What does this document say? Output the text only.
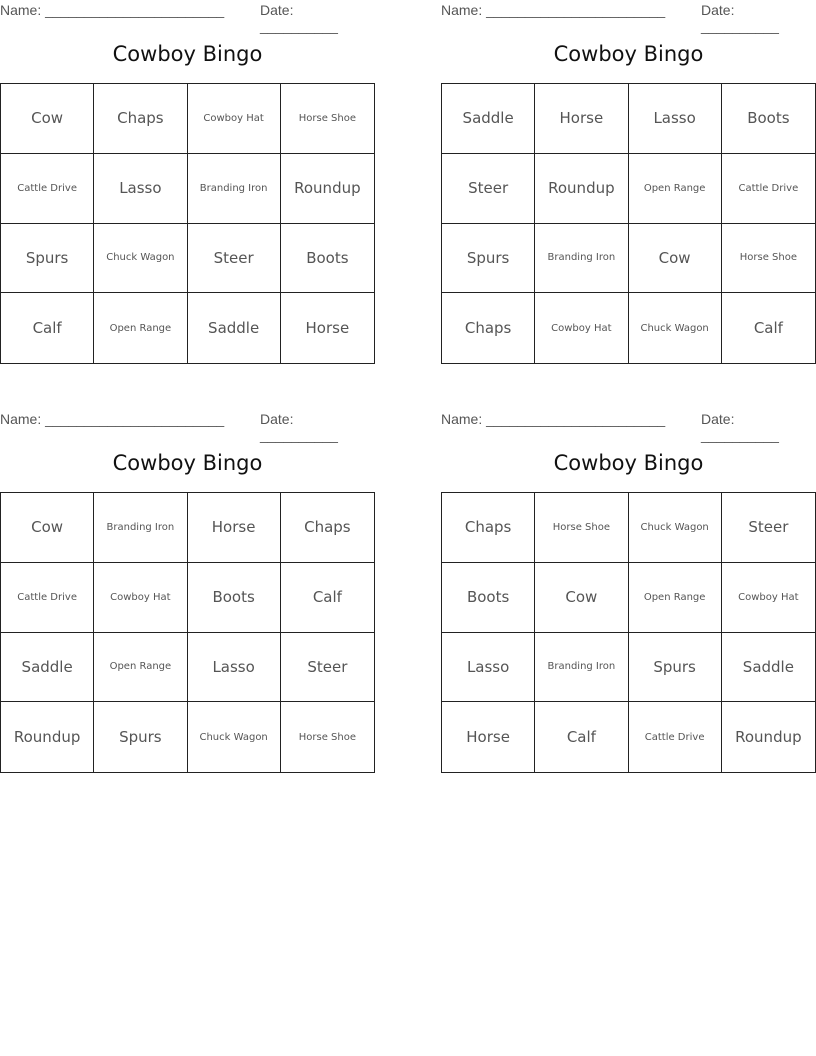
Name: _______________________	Date: __________
Cowboy Bingo
Cow	Chaps	Cowboy Hat	Horse Shoe
Cattle Drive	Lasso	Branding Iron	Roundup
Spurs	Chuck Wagon	Steer	Boots
Calf	Open Range	Saddle	Horse
Name: _______________________	Date: __________
Cowboy Bingo
Saddle	Horse	Lasso	Boots
Steer	Roundup	Open Range	Cattle Drive
Spurs	Branding Iron	Cow	Horse Shoe
Chaps	Cowboy Hat	Chuck Wagon	Calf
Name: _______________________	Date: __________
Cowboy Bingo
Cow	Branding Iron	Horse	Chaps
Cattle Drive	Cowboy Hat	Boots	Calf
Saddle	Open Range	Lasso	Steer
Roundup	Spurs	Chuck Wagon	Horse Shoe
Name: _______________________	Date: __________
Cowboy Bingo
Chaps	Horse Shoe	Chuck Wagon	Steer
Boots	Cow	Open Range	Cowboy Hat
Lasso	Branding Iron	Spurs	Saddle
Horse	Calf	Cattle Drive	Roundup
